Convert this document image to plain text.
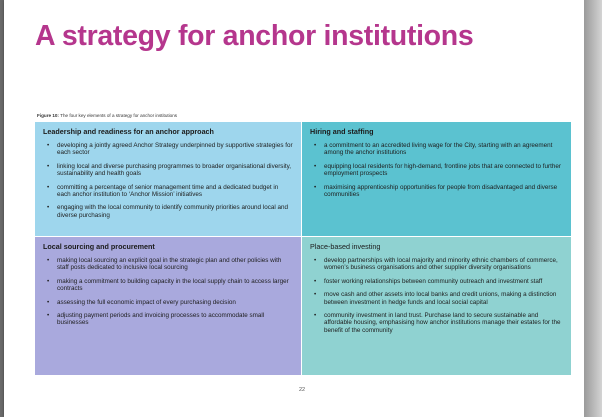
A strategy for anchor institutions
Figure 10: The four key elements of a strategy for anchor institutions
Leadership and readiness for an anchor approach
• developing a jointly agreed Anchor Strategy underpinned by supportive strategies for each sector
• linking local and diverse purchasing programmes to broader organisational diversity, sustainability and health goals
• committing a percentage of senior management time and a dedicated budget in each anchor institution to ‘Anchor Mission’ initiatives
• engaging with the local community to identify community priorities around local and diverse purchasing
Hiring and staffing
• a commitment to an accredited living wage for the City, starting with an agreement among the anchor institutions
• equipping local residents for high-demand, frontline jobs that are connected to further employment prospects
• maximising apprenticeship opportunities for people from disadvantaged and diverse communities
Local sourcing and procurement
• making local sourcing an explicit goal in the strategic plan and other policies with staff posts dedicated to inclusive local sourcing
• making a commitment to building capacity in the local supply chain to access larger contracts
• assessing the full economic impact of every purchasing decision
• adjusting payment periods and invoicing processes to accommodate small businesses
Place-based investing
• develop partnerships with local majority and minority ethnic chambers of commerce, women’s business organisations and other supplier diversity organisations
• foster working relationships between community outreach and investment staff
• move cash and other assets into local banks and credit unions, making a distinction between investment in hedge funds and local social capital
• community investment in land trust. Purchase land to secure sustainable and affordable housing, emphasising how anchor institutions manage their estates for the benefit of the community
22
